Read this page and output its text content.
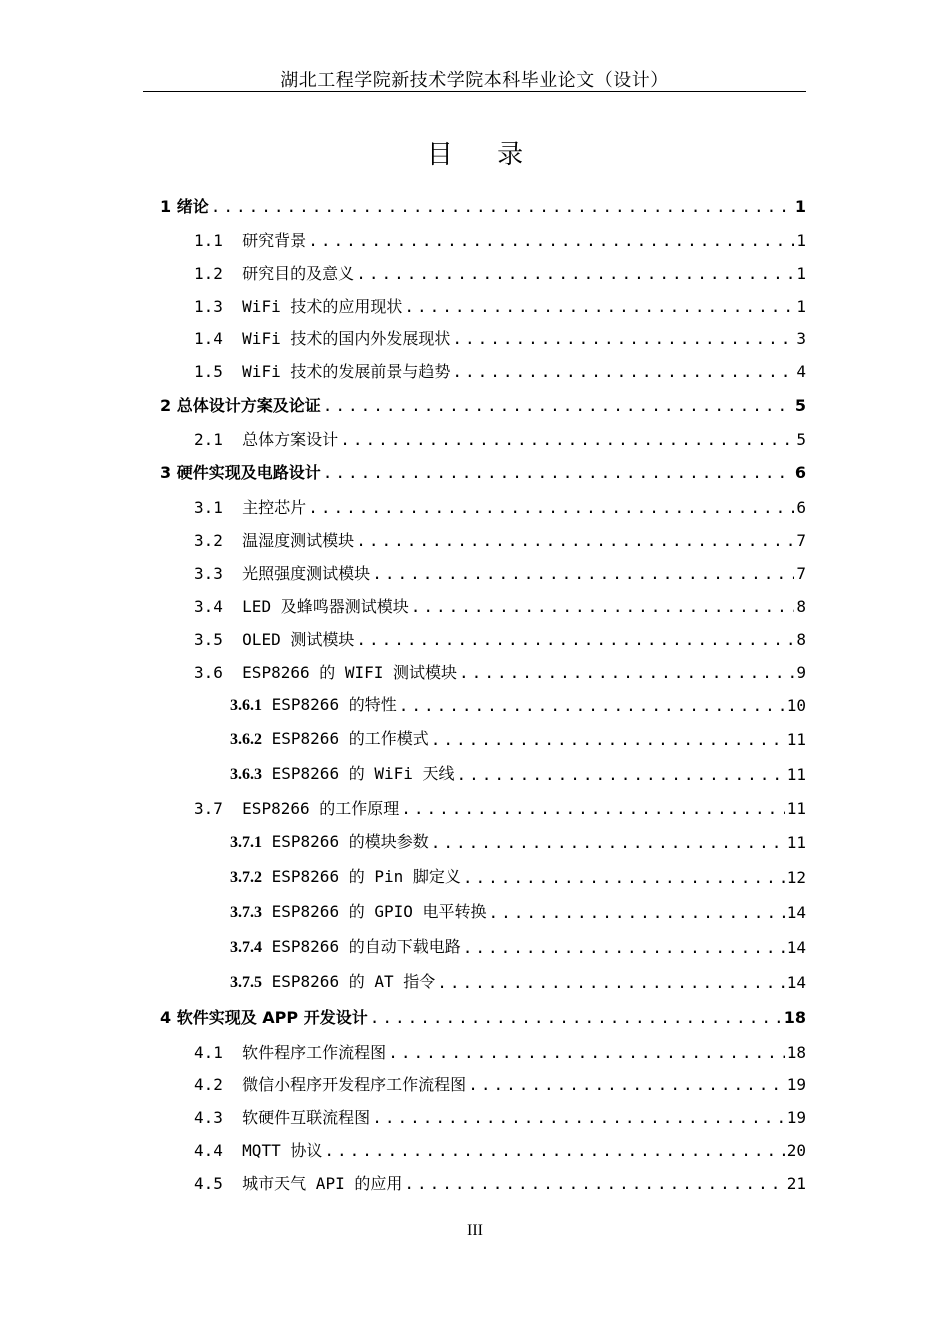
湖北工程学院新技术学院本科毕业论文（设计）
目 录
1 绪论 .....	1
1.1 研究背景 .....	1
1.2 研究目的及意义 .....	1
1.3 WiFi 技术的应用现状 .....	1
1.4 WiFi 技术的国内外发展现状 .....	3
1.5 WiFi 技术的发展前景与趋势 .....	4
2 总体设计方案及论证 .....	5
2.1 总体方案设计 .....	5
3 硬件实现及电路设计 .....	6
3.1 主控芯片 .....	6
3.2 温湿度测试模块 .....	7
3.3 光照强度测试模块 .....	7
3.4 LED 及蜂鸣器测试模块 .....	8
3.5 OLED 测试模块 .....	8
3.6 ESP8266 的 WIFI 测试模块 .....	9
3.6.1 ESP8266 的特性 .....	10
3.6.2 ESP8266 的工作模式 .....	11
3.6.3 ESP8266 的 WiFi 天线 .....	11
3.7 ESP8266 的工作原理 .....	11
3.7.1 ESP8266 的模块参数 .....	11
3.7.2 ESP8266 的 Pin 脚定义 .....	12
3.7.3 ESP8266 的 GPIO 电平转换 .....	14
3.7.4 ESP8266 的自动下载电路 .....	14
3.7.5 ESP8266 的 AT 指令 .....	14
4 软件实现及 APP 开发设计 .....	18
4.1 软件程序工作流程图 .....	18
4.2 微信小程序开发程序工作流程图 .....	19
4.3 软硬件互联流程图 .....	19
4.4 MQTT 协议 .....	20
4.5 城市天气 API 的应用 .....	21
III
